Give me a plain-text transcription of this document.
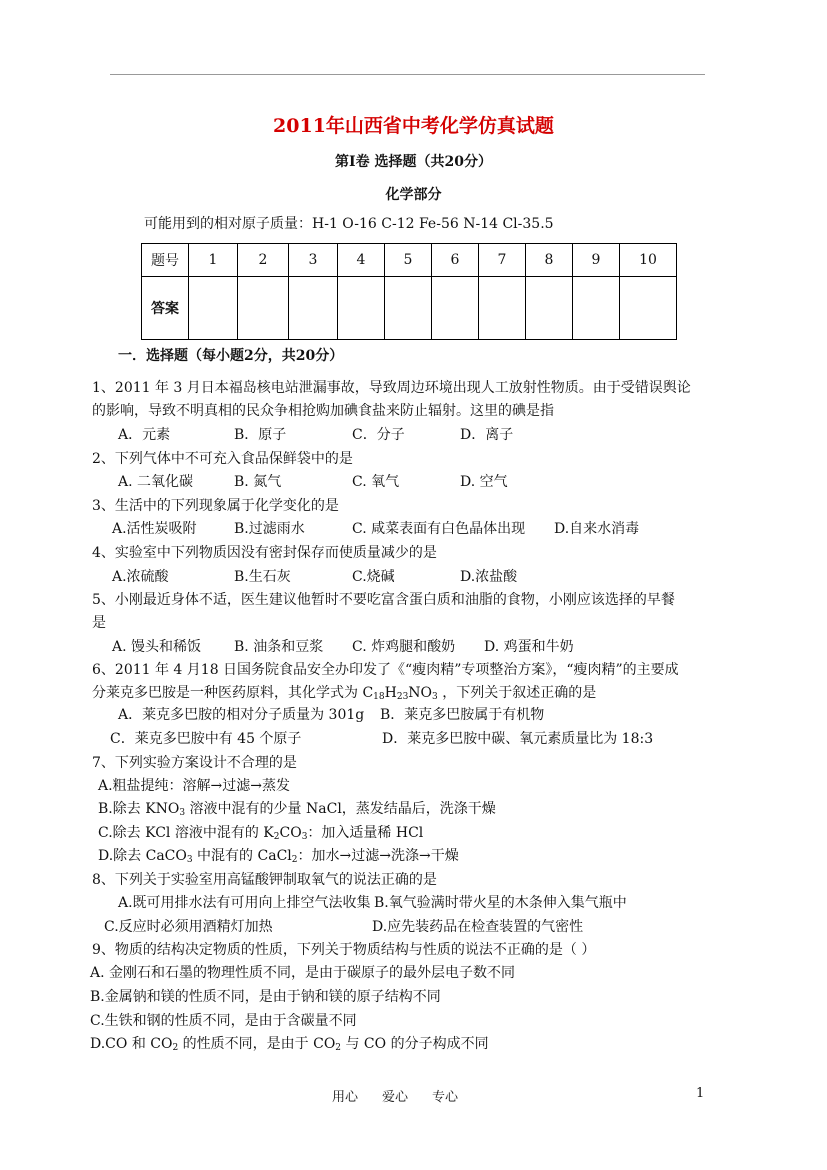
2011年山西省中考化学仿真试题
第Ⅰ卷 选择题（共20分）
化学部分
可能用到的相对原子质量：H-1 O-16 C-12 Fe-56 N-14 Cl-35.5
题号	1	2	3	4	5	6	7	8	9	10
答案										
一．选择题（每小题2分，共20分）
1、2011 年 3 月日本福岛核电站泄漏事故，导致周边环境出现人工放射性物质。由于受错误舆论
的影响，导致不明真相的民众争相抢购加碘食盐来防止辐射。这里的碘是指
A．元素	B．原子	C．分子	D．离子
2、下列气体中不可充入食品保鲜袋中的是
A. 二氧化碳	B. 氮气	C. 氧气	D. 空气
3、生活中的下列现象属于化学变化的是
A.活性炭吸附	B.过滤雨水	C. 咸菜表面有白色晶体出现 D.自来水消毒
4、实验室中下列物质因没有密封保存而使质量减少的是
A.浓硫酸	B.生石灰	C.烧碱	D.浓盐酸
5、小刚最近身体不适，医生建议他暂时不要吃富含蛋白质和油脂的食物，小刚应该选择的早餐
是
A. 馒头和稀饭 B. 油条和豆浆 C. 炸鸡腿和酸奶 D. 鸡蛋和牛奶
6、2011 年 4 月18 日国务院食品安全办印发了《“瘦肉精”专项整治方案》，“瘦肉精”的主要成
分莱克多巴胺是一种医药原料，其化学式为 $C_{18}H_{23}NO_3$ ，下列关于叙述正确的是
A．莱克多巴胺的相对分子质量为 301g B．莱克多巴胺属于有机物
C．莱克多巴胺中有 45 个原子	D．莱克多巴胺中碳、氧元素质量比为 18:3
7、下列实验方案设计不合理的是
A.粗盐提纯：溶解→过滤→蒸发
B.除去 $KNO_3$ 溶液中混有的少量 NaCl，蒸发结晶后，洗涤干燥
C.除去 KCl 溶液中混有的 $K_2CO_3$：加入适量稀 HCl
D.除去 CaCO$_3$ 中混有的 CaCl$_2$：加水→过滤→洗涤→干燥
8、下列关于实验室用高锰酸钾制取氧气的说法正确的是
A.既可用排水法有可用向上排空气法收集 B.氧气验满时带火星的木条伸入集气瓶中
C.反应时必须用酒精灯加热	D.应先装药品在检查装置的气密性
9、物质的结构决定物质的性质，下列关于物质结构与性质的说法不正确的是（ ）
A. 金刚石和石墨的物理性质不同，是由于碳原子的最外层电子数不同
B.金属钠和镁的性质不同，是由于钠和镁的原子结构不同
C.生铁和钢的性质不同，是由于含碳量不同
D.CO 和 $CO_2$ 的性质不同，是由于 $CO_2$ 与 CO 的分子构成不同
用心 爱心 专心	1
